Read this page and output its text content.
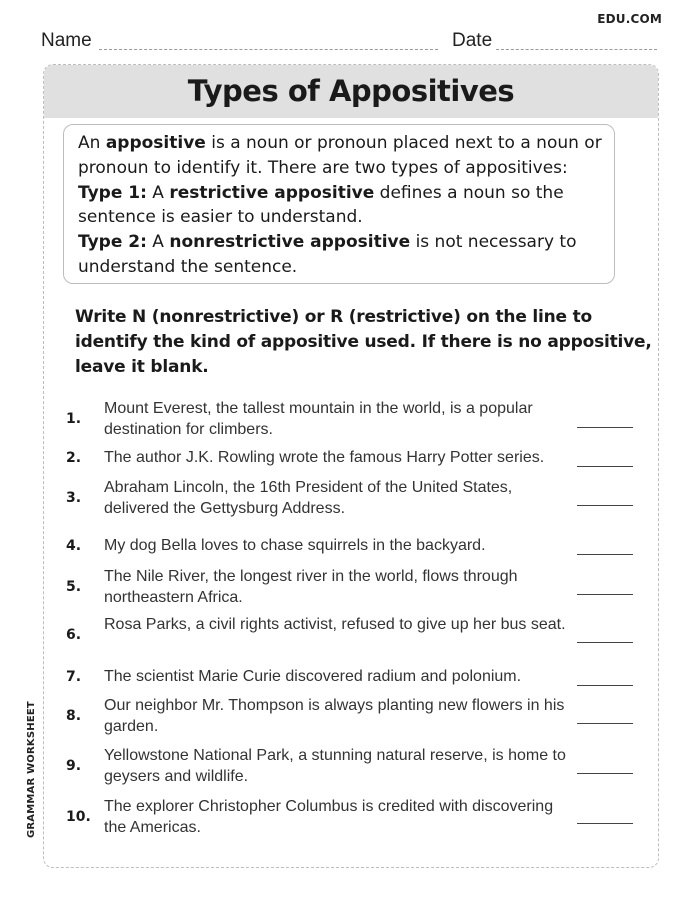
EDU.COM
Name	Date
Types of Appositives

An appositive is a noun or pronoun placed next to a noun or pronoun to identify it. There are two types of appositives:

Type 1: A restrictive appositive defines a noun so the sentence is easier to understand.

Type 2: A nonrestrictive appositive is not necessary to understand the sentence.

Write N (nonrestrictive) or R (restrictive) on the line to identify the kind of appositive used. If there is no appositive, leave it blank.
1.
Mount Everest, the tallest mountain in the world, is a popular destination for climbers.
2. The author J.K. Rowling wrote the famous Harry Potter series.
3.
Abraham Lincoln, the 16th President of the United States, delivered the Gettysburg Address.
4. My dog Bella loves to chase squirrels in the backyard.
5.
The Nile River, the longest river in the world, flows through northeastern Africa.
6.
Rosa Parks, a civil rights activist, refused to give up her bus seat.
7. The scientist Marie Curie discovered radium and polonium.
8.
Our neighbor Mr. Thompson is always planting new flowers in his garden.
9.
Yellowstone National Park, a stunning natural reserve, is home to geysers and wildlife.
10.
The explorer Christopher Columbus is credited with discovering the Americas.
GRAMMAR WORKSHEET
